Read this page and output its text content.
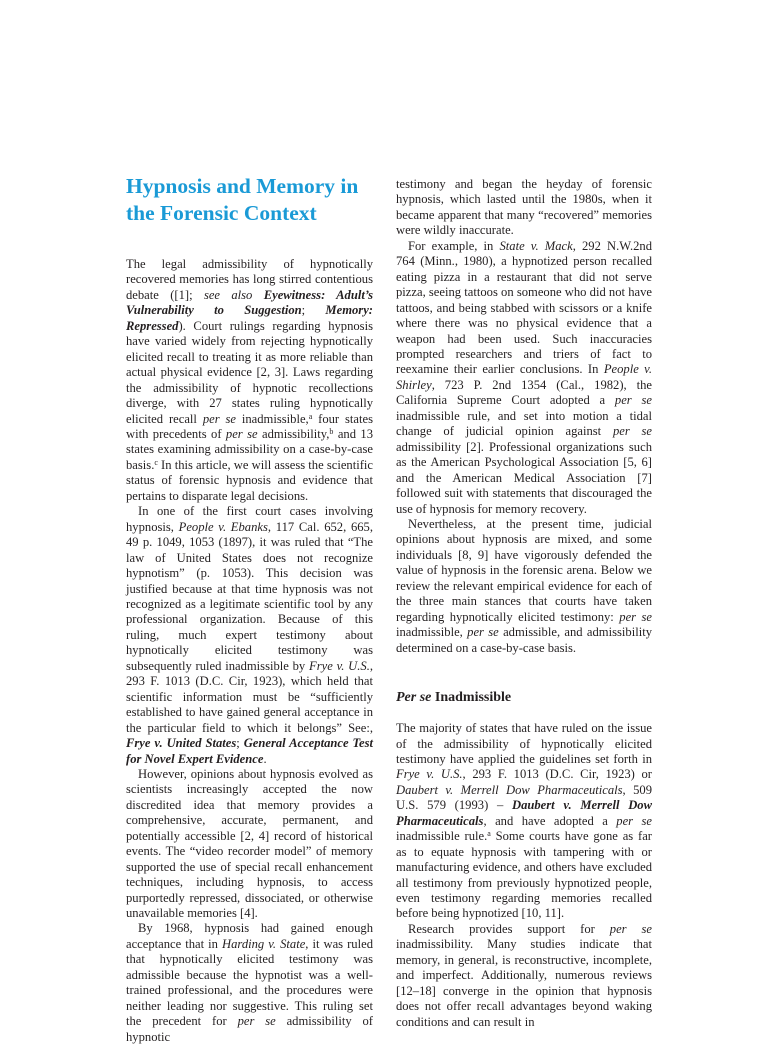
Hypnosis and Memory in
the Forensic Context

The legal admissibility of hypnotically recovered memories has long stirred contentious debate ([1]; see also Eyewitness: Adult’s Vulnerability to Suggestion; Memory: Repressed). Court rulings regarding hypnosis have varied widely from rejecting hypnotically elicited recall to treating it as more reliable than actual physical evidence [2, 3]. Laws regarding the admissibility of hypnotic recollections diverge, with 27 states ruling hypnotically elicited recall per se inadmissible,$^a$ four states with precedents of per se admissibility,$^b$ and 13 states examining admissibility on a case-by-case basis.$^c$ In this article, we will assess the scientific status of forensic hypnosis and evidence that pertains to disparate legal decisions.

In one of the first court cases involving hypnosis, People v. Ebanks, 117 Cal. 652, 665, 49 p. 1049, 1053 (1897), it was ruled that “The law of United States does not recognize hypnotism” (p. 1053). This decision was justified because at that time hypnosis was not recognized as a legitimate scientific tool by any professional organization. Because of this ruling, much expert testimony about hypnotically elicited testimony was subsequently ruled inadmissible by Frye v. U.S., 293 F. 1013 (D.C. Cir, 1923), which held that scientific information must be “sufficiently established to have gained general acceptance in the particular field to which it belongs” See:, Frye v. United States; General Acceptance Test for Novel Expert Evidence.

However, opinions about hypnosis evolved as scientists increasingly accepted the now discredited idea that memory provides a comprehensive, accurate, permanent, and potentially accessible [2, 4] record of historical events. The “video recorder model” of memory supported the use of special recall enhancement techniques, including hypnosis, to access purportedly repressed, dissociated, or otherwise unavailable memories [4].

By 1968, hypnosis had gained enough acceptance that in Harding v. State, it was ruled that hypnotically elicited testimony was admissible because the hypnotist was a well-trained professional, and the procedures were neither leading nor suggestive. This ruling set the precedent for per se admissibility of hypnotic

testimony and began the heyday of forensic hypnosis, which lasted until the 1980s, when it became apparent that many “recovered” memories were wildly inaccurate.

For example, in State v. Mack, 292 N.W.2nd 764 (Minn., 1980), a hypnotized person recalled eating pizza in a restaurant that did not serve pizza, seeing tattoos on someone who did not have tattoos, and being stabbed with scissors or a knife where there was no physical evidence that a weapon had been used. Such inaccuracies prompted researchers and triers of fact to reexamine their earlier conclusions. In People v. Shirley, 723 P. 2nd 1354 (Cal., 1982), the California Supreme Court adopted a per se inadmissible rule, and set into motion a tidal change of judicial opinion against per se admissibility [2]. Professional organizations such as the American Psychological Association [5, 6] and the American Medical Association [7] followed suit with statements that discouraged the use of hypnosis for memory recovery.

Nevertheless, at the present time, judicial opinions about hypnosis are mixed, and some individuals [8, 9] have vigorously defended the value of hypnosis in the forensic arena. Below we review the relevant empirical evidence for each of the three main stances that courts have taken regarding hypnotically elicited testimony: per se inadmissible, per se admissible, and admissibility determined on a case-by-case basis.

Per se Inadmissible

The majority of states that have ruled on the issue of the admissibility of hypnotically elicited testimony have applied the guidelines set forth in Frye v. U.S., 293 F. 1013 (D.C. Cir, 1923) or Daubert v. Merrell Dow Pharmaceuticals, 509 U.S. 579 (1993) – Daubert v. Merrell Dow Pharmaceuticals, and have adopted a per se inadmissible rule.$^a$ Some courts have gone as far as to equate hypnosis with tampering with or manufacturing evidence, and others have excluded all testimony from previously hypnotized people, even testimony regarding memories recalled before being hypnotized [10, 11].

Research provides support for per se inadmissibility. Many studies indicate that memory, in general, is reconstructive, incomplete, and imperfect. Additionally, numerous reviews [12–18] converge in the opinion that hypnosis does not offer recall advantages beyond waking conditions and can result in
